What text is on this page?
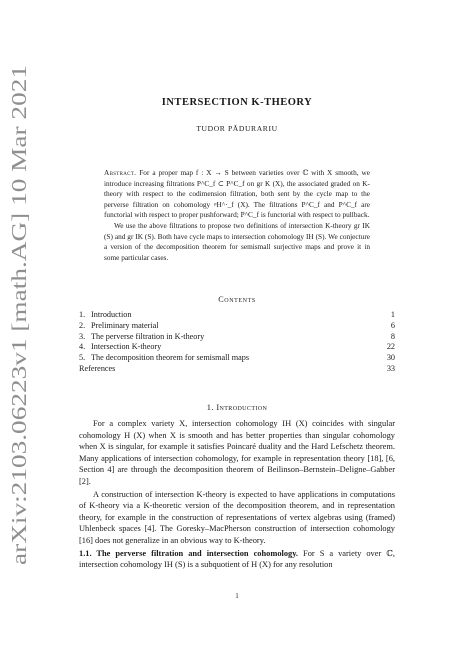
arXiv:2103.06223v1 [math.AG] 10 Mar 2021
INTERSECTION K-THEORY
TUDOR PĂDURARIU

Abstract. For a proper map f : X → S between varieties over ℂ with X smooth, we introduce increasing filtrations P^C_f ⊂ P^C_f on gr K (X), the associated graded on K-theory with respect to the codimension filtration, both sent by the cycle map to the perverse filtration on cohomology ᵖH^·_f (X). The filtrations P^C_f and P^C_f are functorial with respect to proper pushforward; P^C_f is functorial with respect to pullback.

We use the above filtrations to propose two definitions of intersection K-theory gr IK (S) and gr IK (S). Both have cycle maps to intersection cohomology IH (S). We conjecture a version of the decomposition theorem for semismall surjective maps and prove it in some particular cases.

Contents
1. Introduction	1
2. Preliminary material	6
3. The perverse filtration in K-theory	8
4. Intersection K-theory	22
5. The decomposition theorem for semismall maps	30
References	33
1. Introduction

For a complex variety X, intersection cohomology IH (X) coincides with singular cohomology H (X) when X is smooth and has better properties than singular cohomology when X is singular, for example it satisfies Poincaré duality and the Hard Lefschetz theorem. Many applications of intersection cohomology, for example in representation theory [18], [6, Section 4] are through the decomposition theorem of Beilinson–Bernstein–Deligne–Gabber [2].

A construction of intersection K-theory is expected to have applications in computations of K-theory via a K-theoretic version of the decomposition theorem, and in representation theory, for example in the construction of representations of vertex algebras using (framed) Uhlenbeck spaces [4]. The Goresky–MacPherson construction of intersection cohomology [16] does not generalize in an obvious way to K-theory.

1.1. The perverse filtration and intersection cohomology. For S a variety over ℂ, intersection cohomology IH (S) is a subquotient of H (X) for any resolution

1
